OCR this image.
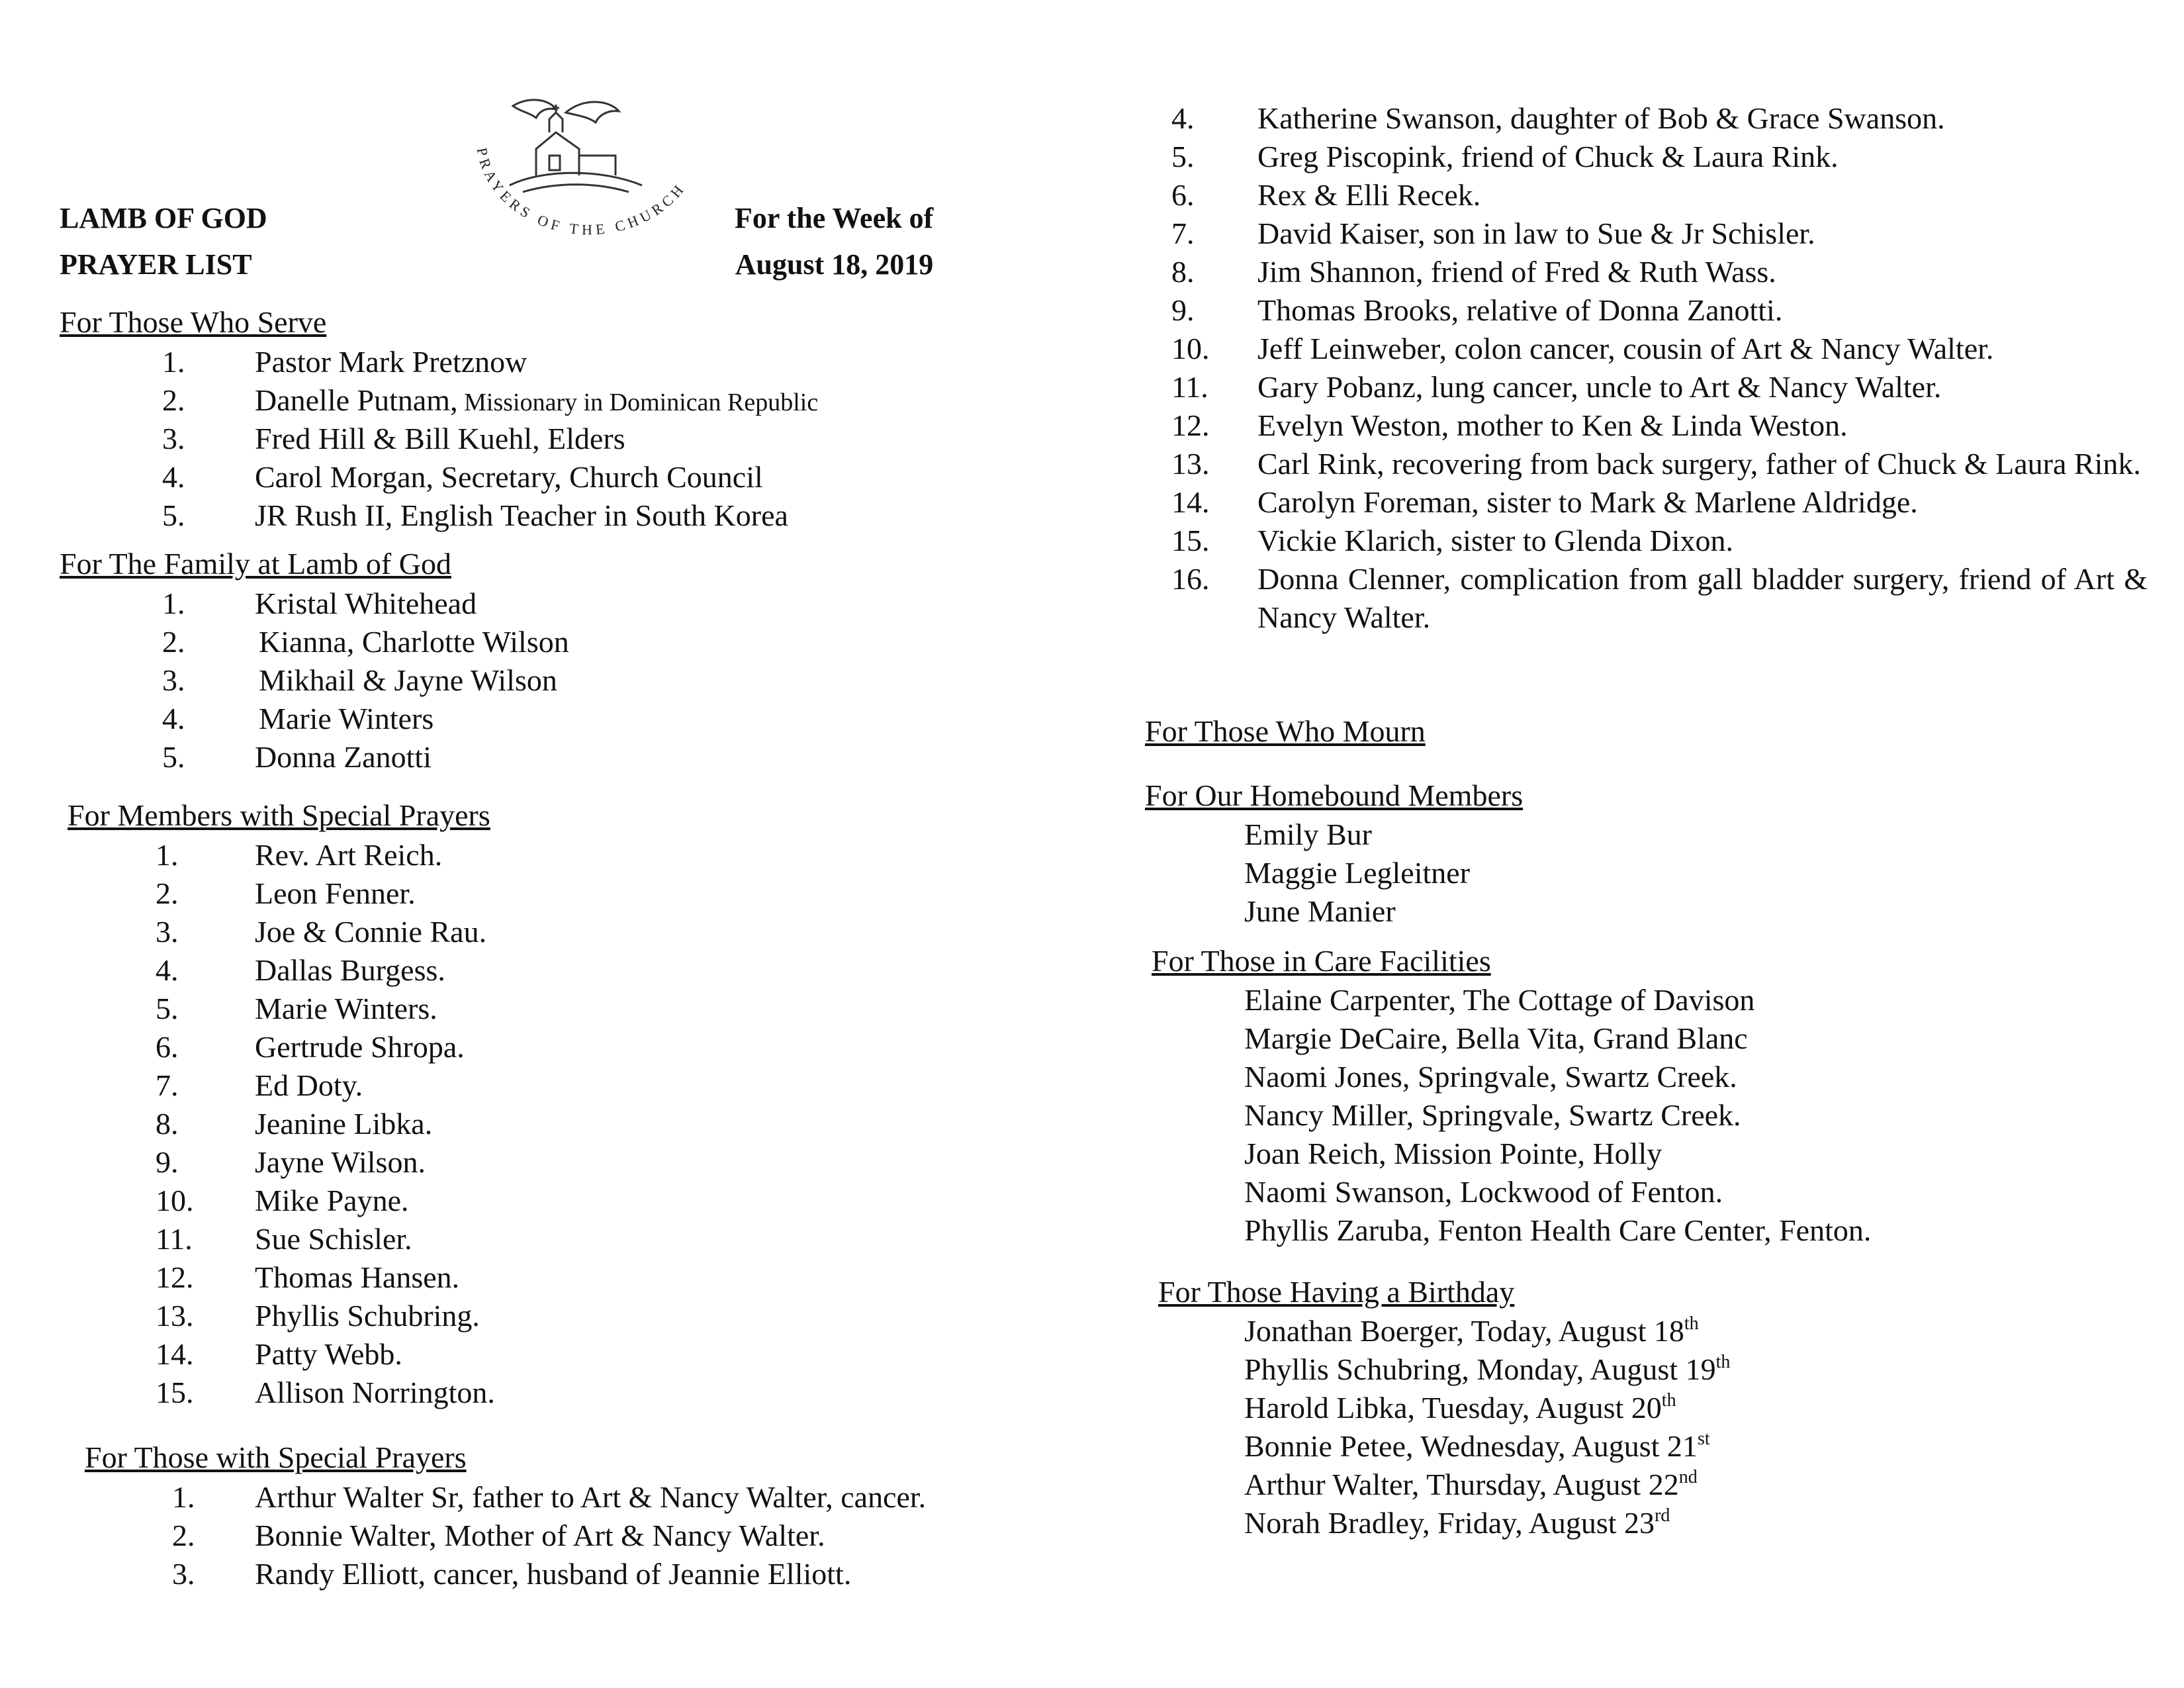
PRAYERS OF THE CHURCH
LAMB OF GOD
PRAYER LIST
For the Week of
August 18, 2019
For Those Who Serve
1.	Pastor Mark Pretznow
2.	Danelle Putnam, Missionary in Dominican Republic
3.	Fred Hill & Bill Kuehl, Elders
4.	Carol Morgan, Secretary, Church Council
5.	JR Rush II, English Teacher in South Korea
For The Family at Lamb of God
1.	Kristal Whitehead
2.	Kianna, Charlotte Wilson
3.	Mikhail & Jayne Wilson
4.	Marie Winters
5.	Donna Zanotti
For Members with Special Prayers
1.	Rev. Art Reich.
2.	Leon Fenner.
3.	Joe & Connie Rau.
4.	Dallas Burgess.
5.	Marie Winters.
6.	Gertrude Shropa.
7.	Ed Doty.
8.	Jeanine Libka.
9.	Jayne Wilson.
10.	Mike Payne.
11.	Sue Schisler.
12.	Thomas Hansen.
13.	Phyllis Schubring.
14.	Patty Webb.
15.	Allison Norrington.
For Those with Special Prayers
1.	Arthur Walter Sr, father to Art & Nancy Walter, cancer.
2.	Bonnie Walter, Mother of Art & Nancy Walter.
3.	Randy Elliott, cancer, husband of Jeannie Elliott.
4.	Katherine Swanson, daughter of Bob & Grace Swanson.
5.	Greg Piscopink, friend of Chuck & Laura Rink.
6.	Rex & Elli Recek.
7.	David Kaiser, son in law to Sue & Jr Schisler.
8.	Jim Shannon, friend of Fred & Ruth Wass.
9.	Thomas Brooks, relative of Donna Zanotti.
10.	Jeff Leinweber, colon cancer, cousin of Art & Nancy Walter.
11.	Gary Pobanz, lung cancer, uncle to Art & Nancy Walter.
12.	Evelyn Weston, mother to Ken & Linda Weston.
13.	Carl Rink, recovering from back surgery, father of Chuck & Laura Rink.
14.	Carolyn Foreman, sister to Mark & Marlene Aldridge.
15.	Vickie Klarich, sister to Glenda Dixon.
16.	Donna Clenner, complication from gall bladder surgery, friend of Art & Nancy Walter.
For Those Who Mourn
For Our Homebound Members
Emily Bur
Maggie Legleitner
June Manier
For Those in Care Facilities
Elaine Carpenter, The Cottage of Davison
Margie DeCaire, Bella Vita, Grand Blanc
Naomi Jones, Springvale, Swartz Creek.
Nancy Miller, Springvale, Swartz Creek.
Joan Reich, Mission Pointe, Holly
Naomi Swanson, Lockwood of Fenton.
Phyllis Zaruba, Fenton Health Care Center, Fenton.
For Those Having a Birthday
Jonathan Boerger, Today, August 18th
Phyllis Schubring, Monday, August 19th
Harold Libka, Tuesday, August 20th
Bonnie Petee, Wednesday, August 21st
Arthur Walter, Thursday, August 22nd
Norah Bradley, Friday, August 23rd
